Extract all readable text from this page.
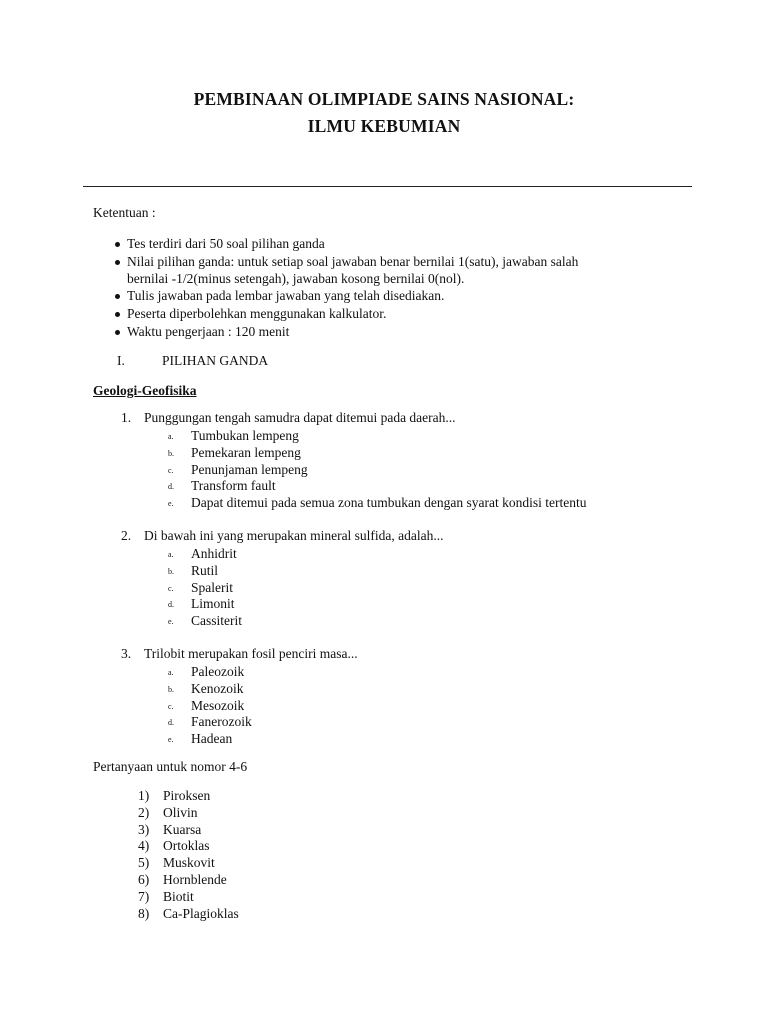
PEMBINAAN OLIMPIADE SAINS NASIONAL:
ILMU KEBUMIAN
Ketentuan :
Tes terdiri dari 50 soal pilihan ganda
Nilai pilihan ganda: untuk setiap soal jawaban benar bernilai 1(satu), jawaban salah
bernilai -1/2(minus setengah), jawaban kosong bernilai 0(nol).
Tulis jawaban pada lembar jawaban yang telah disediakan.
Peserta diperbolehkan menggunakan kalkulator.
Waktu pengerjaan : 120 menit
I.	PILIHAN GANDA
Geologi-Geofisika
1. Punggungan tengah samudra dapat ditemui pada daerah...
a. Tumbukan lempeng
b. Pemekaran lempeng
c. Penunjaman lempeng
d. Transform fault
e. Dapat ditemui pada semua zona tumbukan dengan syarat kondisi tertentu
2. Di bawah ini yang merupakan mineral sulfida, adalah...
a. Anhidrit
b. Rutil
c. Spalerit
d. Limonit
e. Cassiterit
3. Trilobit merupakan fosil penciri masa...
a. Paleozoik
b. Kenozoik
c. Mesozoik
d. Fanerozoik
e. Hadean
Pertanyaan untuk nomor 4-6
1) Piroksen
2) Olivin
3) Kuarsa
4) Ortoklas
5) Muskovit
6) Hornblende
7) Biotit
8) Ca-Plagioklas
